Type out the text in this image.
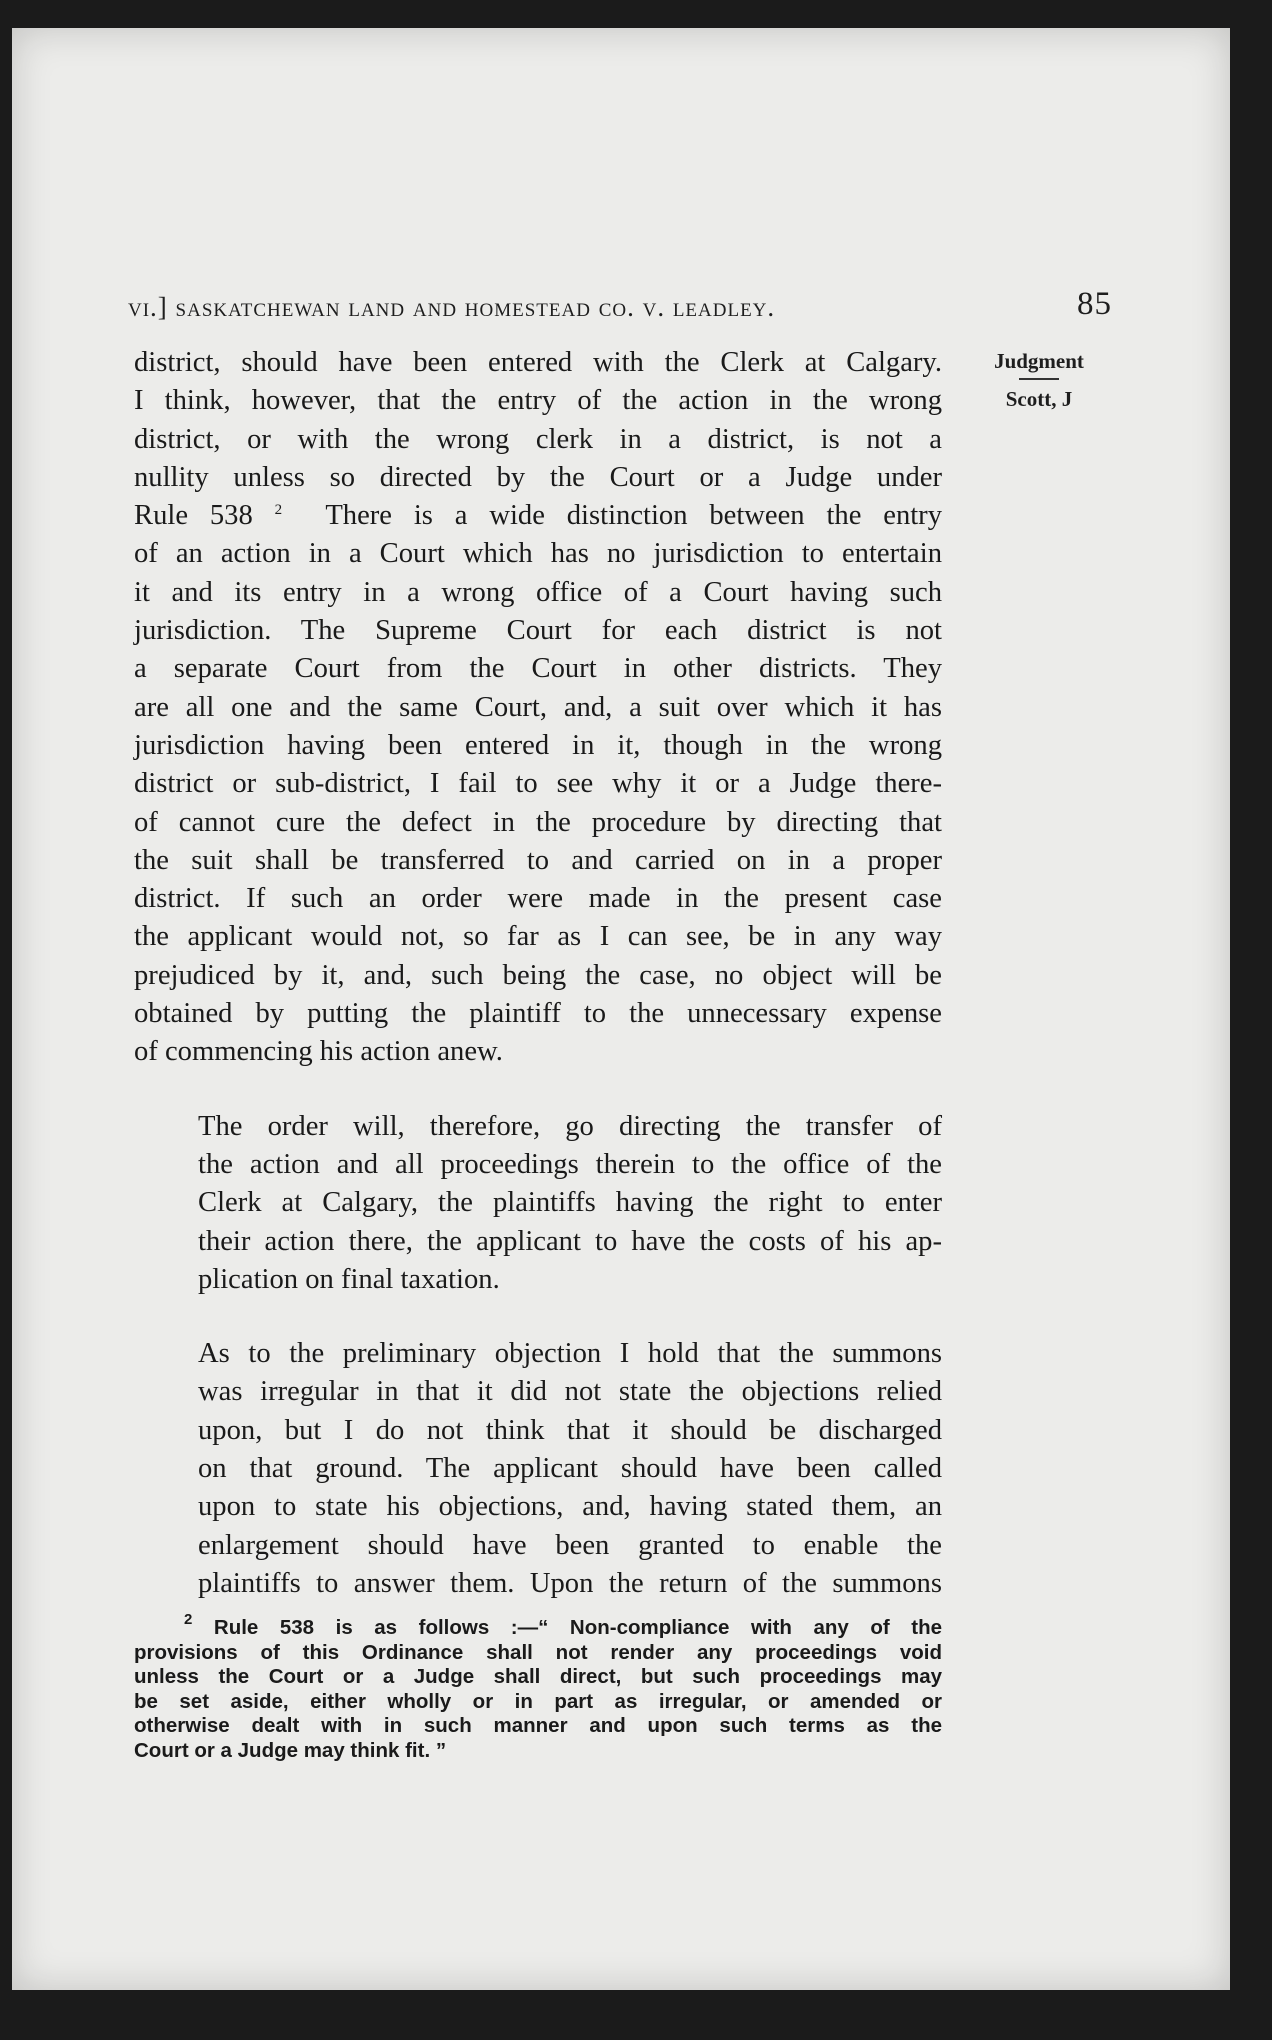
vi.] saskatchewan land and homestead co. v. leadley.	85
Judgment
Scott, J

district, should have been entered with the Clerk at Calgary.
I think, however, that the entry of the action in the wrong
district, or with the wrong clerk in a district, is not a
nullity unless so directed by the Court or a Judge under
Rule 538 $^2$ There is a wide distinction between the entry
of an action in a Court which has no jurisdiction to entertain
it and its entry in a wrong office of a Court having such
jurisdiction. The Supreme Court for each district is not
a separate Court from the Court in other districts. They
are all one and the same Court, and, a suit over which it has
jurisdiction having been entered in it, though in the wrong
district or sub-district, I fail to see why it or a Judge there-
of cannot cure the defect in the procedure by directing that
the suit shall be transferred to and carried on in a proper
district. If such an order were made in the present case
the applicant would not, so far as I can see, be in any way
prejudiced by it, and, such being the case, no object will be
obtained by putting the plaintiff to the unnecessary expense
of commencing his action anew.

The order will, therefore, go directing the transfer of
the action and all proceedings therein to the office of the
Clerk at Calgary, the plaintiffs having the right to enter
their action there, the applicant to have the costs of his ap-
plication on final taxation.

As to the preliminary objection I hold that the summons
was irregular in that it did not state the objections relied
upon, but I do not think that it should be discharged
on that ground. The applicant should have been called
upon to state his objections, and, having stated them, an
enlargement should have been granted to enable the
plaintiffs to answer them. Upon the return of the summons

$^2$ Rule 538 is as follows :—“ Non-compliance with any of the
provisions of this Ordinance shall not render any proceedings void
unless the Court or a Judge shall direct, but such proceedings may
be set aside, either wholly or in part as irregular, or amended or
otherwise dealt with in such manner and upon such terms as the
Court or a Judge may think fit. ”
